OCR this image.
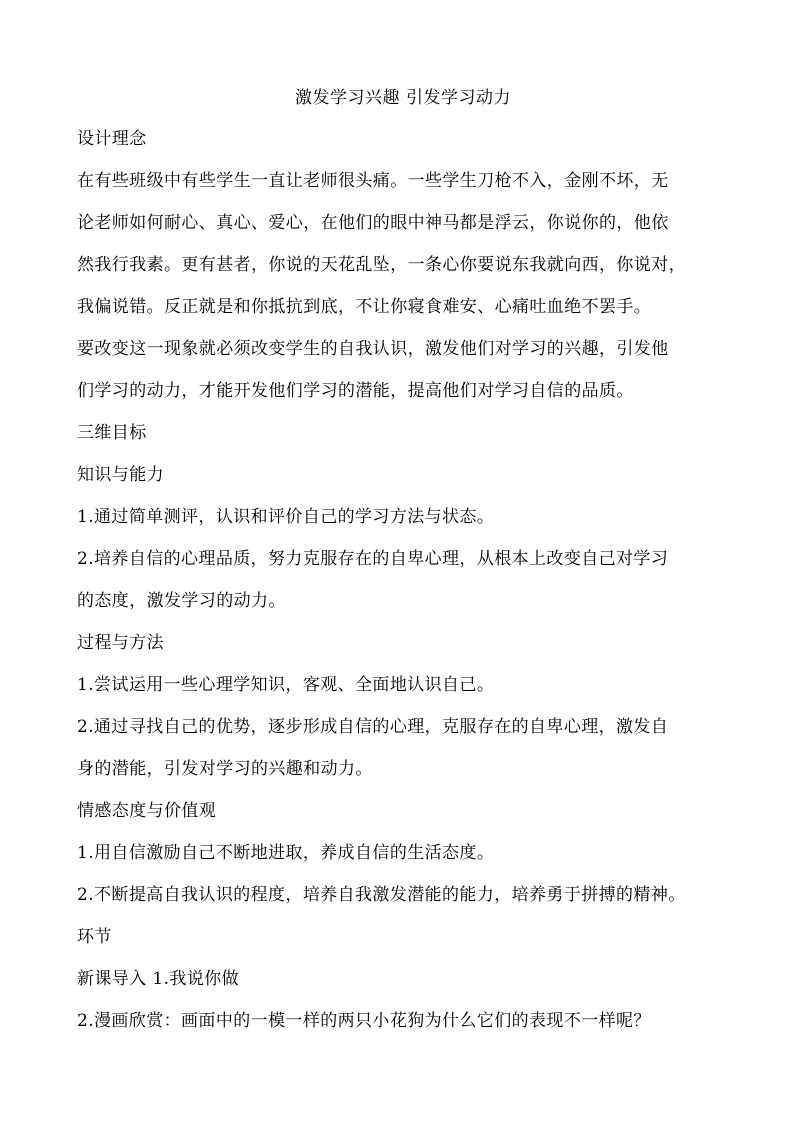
激发学习兴趣 引发学习动力
设计理念
在有些班级中有些学生一直让老师很头痛。一些学生刀枪不入，金刚不坏，无
论老师如何耐心、真心、爱心，在他们的眼中神马都是浮云，你说你的，他依
然我行我素。更有甚者，你说的天花乱坠，一条心你要说东我就向西，你说对，
我偏说错。反正就是和你抵抗到底，不让你寝食难安、心痛吐血绝不罢手。
要改变这一现象就必须改变学生的自我认识，激发他们对学习的兴趣，引发他
们学习的动力，才能开发他们学习的潜能，提高他们对学习自信的品质。
三维目标
知识与能力
1.通过简单测评，认识和评价自己的学习方法与状态。
2.培养自信的心理品质，努力克服存在的自卑心理，从根本上改变自己对学习
的态度，激发学习的动力。
过程与方法
1.尝试运用一些心理学知识，客观、全面地认识自己。
2.通过寻找自己的优势，逐步形成自信的心理，克服存在的自卑心理，激发自
身的潜能，引发对学习的兴趣和动力。
情感态度与价值观
1.用自信激励自己不断地进取，养成自信的生活态度。
2.不断提高自我认识的程度，培养自我激发潜能的能力，培养勇于拼搏的精神。
环节
新课导入 1.我说你做
2.漫画欣赏：画面中的一模一样的两只小花狗为什么它们的表现不一样呢？
